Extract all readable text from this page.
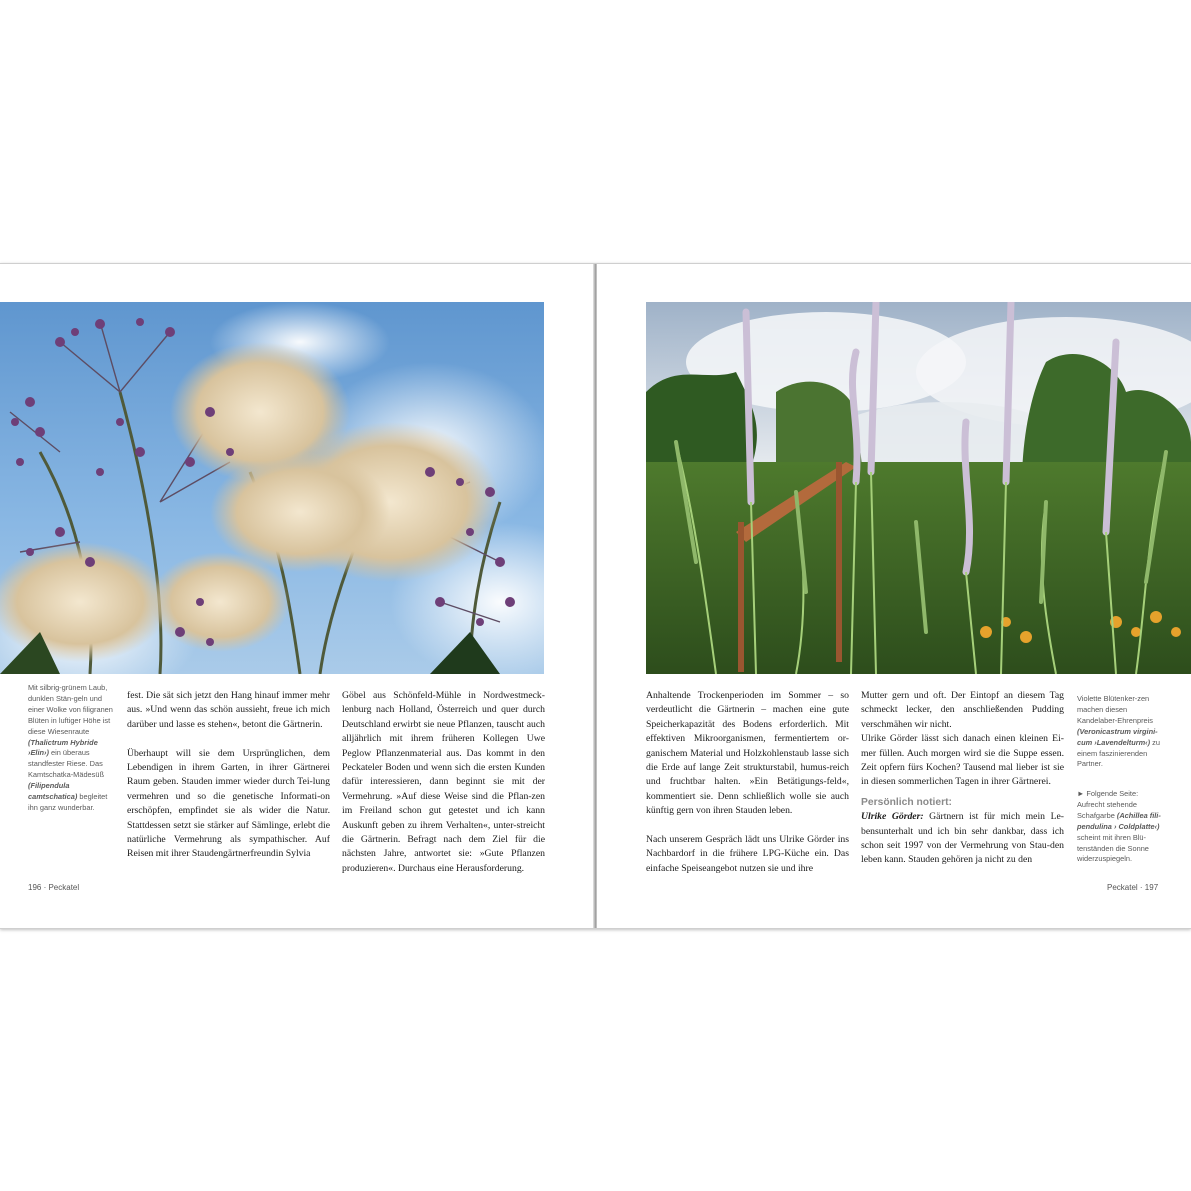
Mit silbrig-grünem Laub, dunklen Stän-geln und einer Wolke von filigranen Blüten in luftiger Höhe ist diese Wiesenraute (Thalictrum Hybride ›Elin›) ein überaus standfester Riese. Das Kamtschatka-Mädesüß (Filipendula camtschatica) begleitet ihn ganz wunderbar.

fest. Die sät sich jetzt den Hang hinauf immer mehr aus. »Und wenn das schön aussieht, freue ich mich darüber und lasse es stehen«, betont die Gärtnerin.

Überhaupt will sie dem Ursprünglichen, dem Lebendigen in ihrem Garten, in ihrer Gärtnerei Raum geben. Stauden immer wieder durch Tei-lung vermehren und so die genetische Informati-on erschöpfen, empfindet sie als wider die Natur. Stattdessen setzt sie stärker auf Sämlinge, erlebt die natürliche Vermehrung als sympathischer. Auf Reisen mit ihrer Staudengärtnerfreundin Sylvia

Göbel aus Schönfeld-Mühle in Nordwestmeck-lenburg nach Holland, Österreich und quer durch Deutschland erwirbt sie neue Pflanzen, tauscht auch alljährlich mit ihrem früheren Kollegen Uwe Peglow Pflanzenmaterial aus. Das kommt in den Peckateler Boden und wenn sich die ersten Kunden dafür interessieren, dann beginnt sie mit der Vermehrung. »Auf diese Weise sind die Pflan-zen im Freiland schon gut getestet und ich kann Auskunft geben zu ihrem Verhalten«, unter-streicht die Gärtnerin. Befragt nach dem Ziel für die nächsten Jahre, antwortet sie: »Gute Pflanzen produzieren«. Durchaus eine Herausforderung.

196 · Peckatel

Anhaltende Trockenperioden im Sommer – so verdeutlicht die Gärtnerin – machen eine gute Speicherkapazität des Bodens erforderlich. Mit effektiven Mikroorganismen, fermentiertem or-ganischem Material und Holzkohlenstaub lasse sich die Erde auf lange Zeit strukturstabil, humus-reich und fruchtbar halten. »Ein Betätigungs-feld«, kommentiert sie. Denn schließlich wolle sie auch künftig gern von ihren Stauden leben.

Nach unserem Gespräch lädt uns Ulrike Görder ins Nachbardorf in die frühere LPG-Küche ein. Das einfache Speiseangebot nutzen sie und ihre

Mutter gern und oft. Der Eintopf an diesem Tag schmeckt lecker, den anschließenden Pudding verschmähen wir nicht.

Ulrike Görder lässt sich danach einen kleinen Ei-mer füllen. Auch morgen wird sie die Suppe essen. Zeit opfern fürs Kochen? Tausend mal lieber ist sie in diesen sommerlichen Tagen in ihrer Gärtnerei.

Persönlich notiert:

Ulrike Görder: Gärtnern ist für mich mein Le-bensunterhalt und ich bin sehr dankbar, dass ich schon seit 1997 von der Vermehrung von Stau-den leben kann. Stauden gehören ja nicht zu den

Violette Blütenker-zen machen diesen Kandelaber-Ehrenpreis (Veronicastrum virgini-cum ›Lavendelturm‹) zu einem faszinierenden Partner.
► Folgende Seite: Aufrecht stehende Schafgarbe (Achillea fili-pendulina › Coldplatte‹) scheint mit ihren Blü-tenständen die Sonne widerzuspiegeln.
Peckatel · 197
